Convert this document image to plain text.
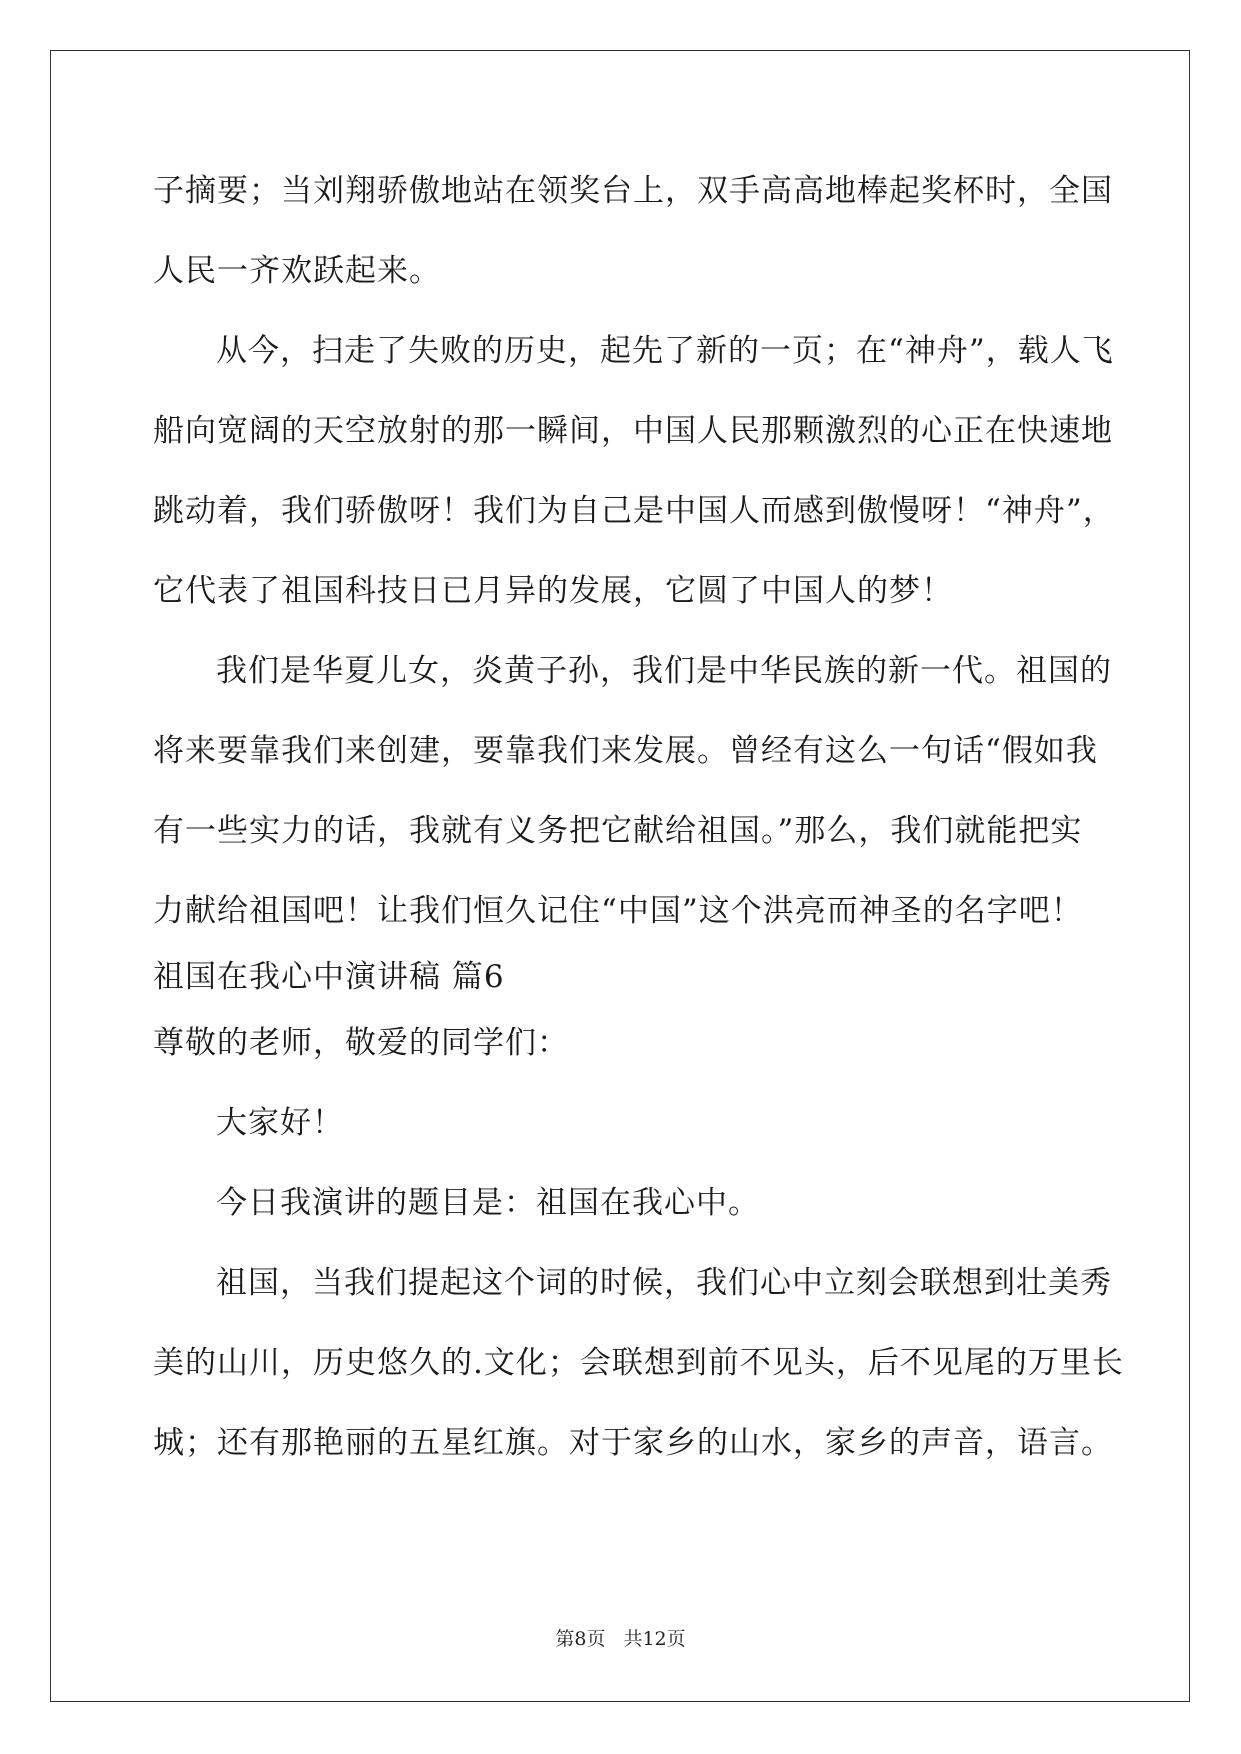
子摘要；当刘翔骄傲地站在领奖台上，双手高高地棒起奖杯时，全国
人民一齐欢跃起来。
从今，扫走了失败的历史，起先了新的一页；在“神舟”，载人飞
船向宽阔的天空放射的那一瞬间，中国人民那颗激烈的心正在快速地
跳动着，我们骄傲呀！我们为自己是中国人而感到傲慢呀！“神舟”，
它代表了祖国科技日已月异的发展，它圆了中国人的梦！
我们是华夏儿女，炎黄子孙，我们是中华民族的新一代。祖国的
将来要靠我们来创建，要靠我们来发展。曾经有这么一句话“假如我
有一些实力的话，我就有义务把它献给祖国。”那么，我们就能把实
力献给祖国吧！让我们恒久记住“中国”这个洪亮而神圣的名字吧！
祖国在我心中演讲稿 篇6
尊敬的老师，敬爱的同学们：
大家好！
今日我演讲的题目是：祖国在我心中。
祖国，当我们提起这个词的时候，我们心中立刻会联想到壮美秀
美的山川，历史悠久的.文化；会联想到前不见头，后不见尾的万里长
城；还有那艳丽的五星红旗。对于家乡的山水，家乡的声音，语言。
第8页 共12页
